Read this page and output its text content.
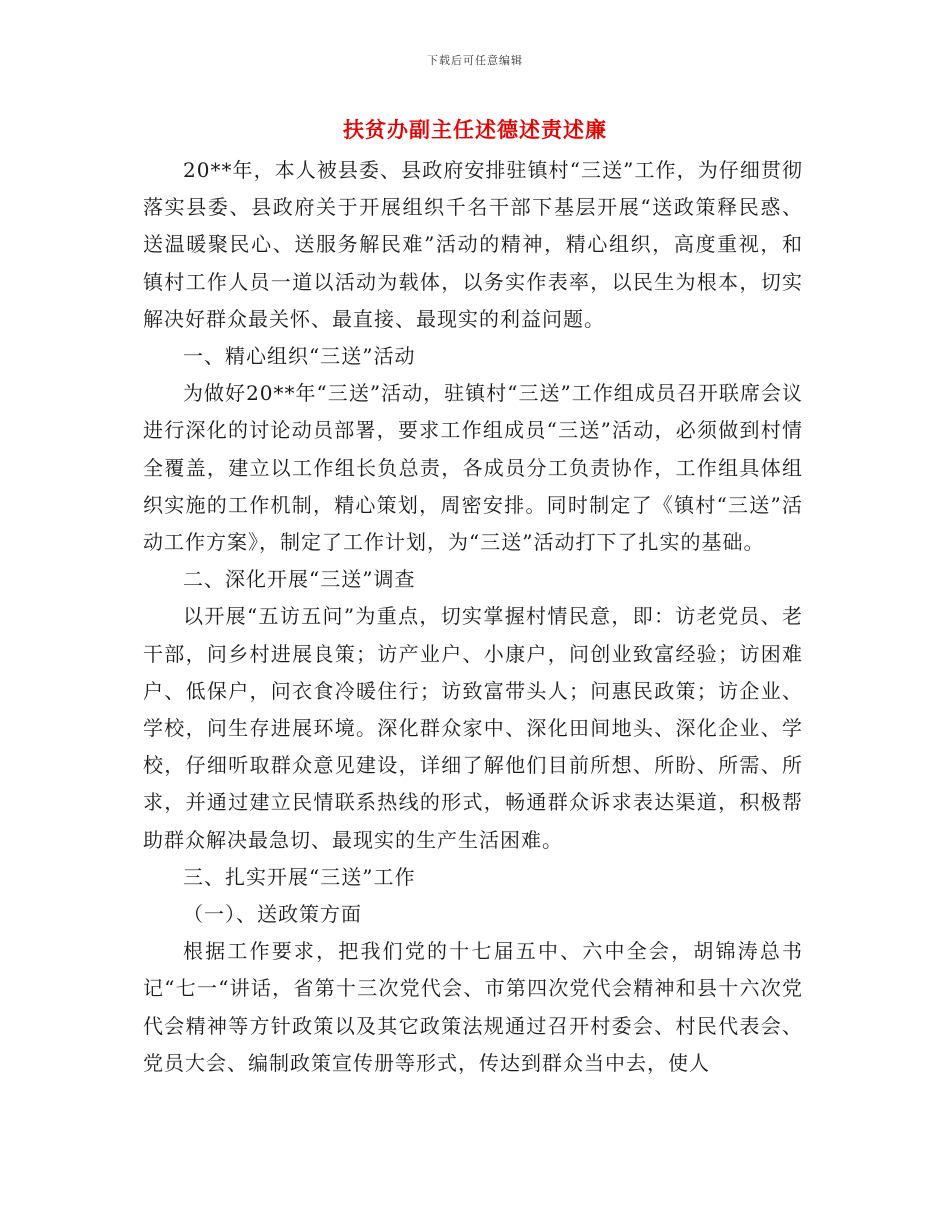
下载后可任意编辑
扶贫办副主任述德述责述廉

20**年，本人被县委、县政府安排驻镇村“三送”工作，为仔细贯彻落实县委、县政府关于开展组织千名干部下基层开展“送政策释民惑、送温暖聚民心、送服务解民难”活动的精神，精心组织，高度重视，和镇村工作人员一道以活动为载体，以务实作表率，以民生为根本，切实解决好群众最关怀、最直接、最现实的利益问题。

一、精心组织“三送”活动

为做好20**年“三送”活动，驻镇村“三送”工作组成员召开联席会议进行深化的讨论动员部署，要求工作组成员“三送”活动，必须做到村情全覆盖，建立以工作组长负总责，各成员分工负责协作，工作组具体组织实施的工作机制，精心策划，周密安排。同时制定了《镇村“三送”活动工作方案》，制定了工作计划，为“三送”活动打下了扎实的基础。

二、深化开展“三送”调查

以开展“五访五问”为重点，切实掌握村情民意，即：访老党员、老干部，问乡村进展良策；访产业户、小康户，问创业致富经验；访困难户、低保户，问衣食冷暖住行；访致富带头人；问惠民政策；访企业、学校，问生存进展环境。深化群众家中、深化田间地头、深化企业、学校，仔细听取群众意见建设，详细了解他们目前所想、所盼、所需、所求，并通过建立民情联系热线的形式，畅通群众诉求表达渠道，积极帮助群众解决最急切、最现实的生产生活困难。

三、扎实开展“三送”工作

（一）、送政策方面

根据工作要求，把我们党的十七届五中、六中全会，胡锦涛总书记“七一“讲话，省第十三次党代会、市第四次党代会精神和县十六次党代会精神等方针政策以及其它政策法规通过召开村委会、村民代表会、党员大会、编制政策宣传册等形式，传达到群众当中去，使人
